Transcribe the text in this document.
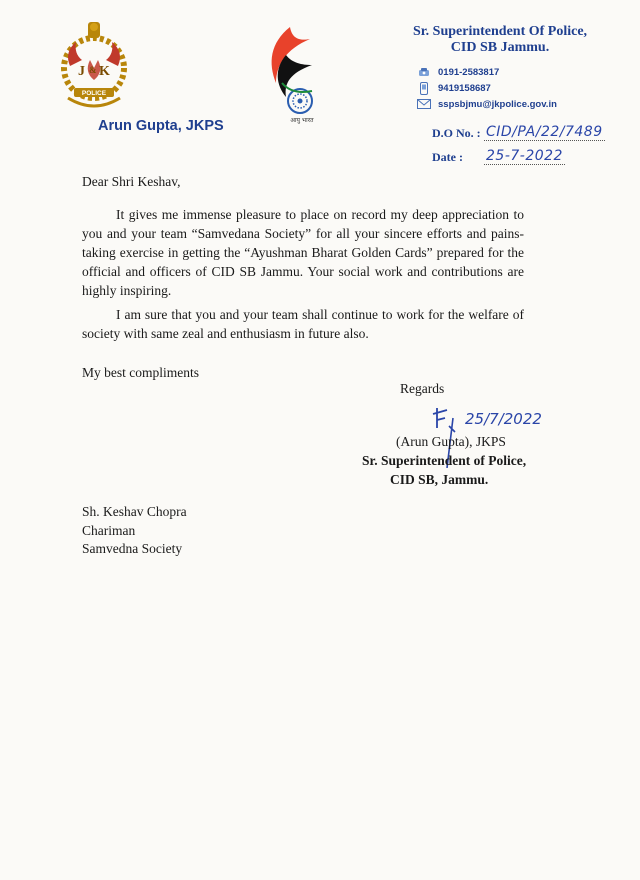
J & K
POLICE
आयु भारत
Arun Gupta, JKPS
Sr. Superintendent Of Police,
CID SB Jammu.
0191-2583817
9419158687
sspsbjmu@jkpolice.gov.in
D.O No. : CID/PA/22/7489
Date :	25-7-2022
Dear Shri Keshav,
It gives me immense pleasure to place on record my deep appreciation to you and your team “Samvedana Society” for all your sincere efforts and pains-taking exercise in getting the “Ayushman Bharat Golden Cards” prepared for the official and officers of CID SB Jammu. Your social work and contributions are highly inspiring.
I am sure that you and your team shall continue to work for the welfare of society with same zeal and enthusiasm in future also.
My best compliments
Regards
25/7/2022
(Arun Gupta), JKPS
Sr. Superintendent of Police,
CID SB, Jammu.
Sh. Keshav Chopra
Chariman
Samvedna Society
